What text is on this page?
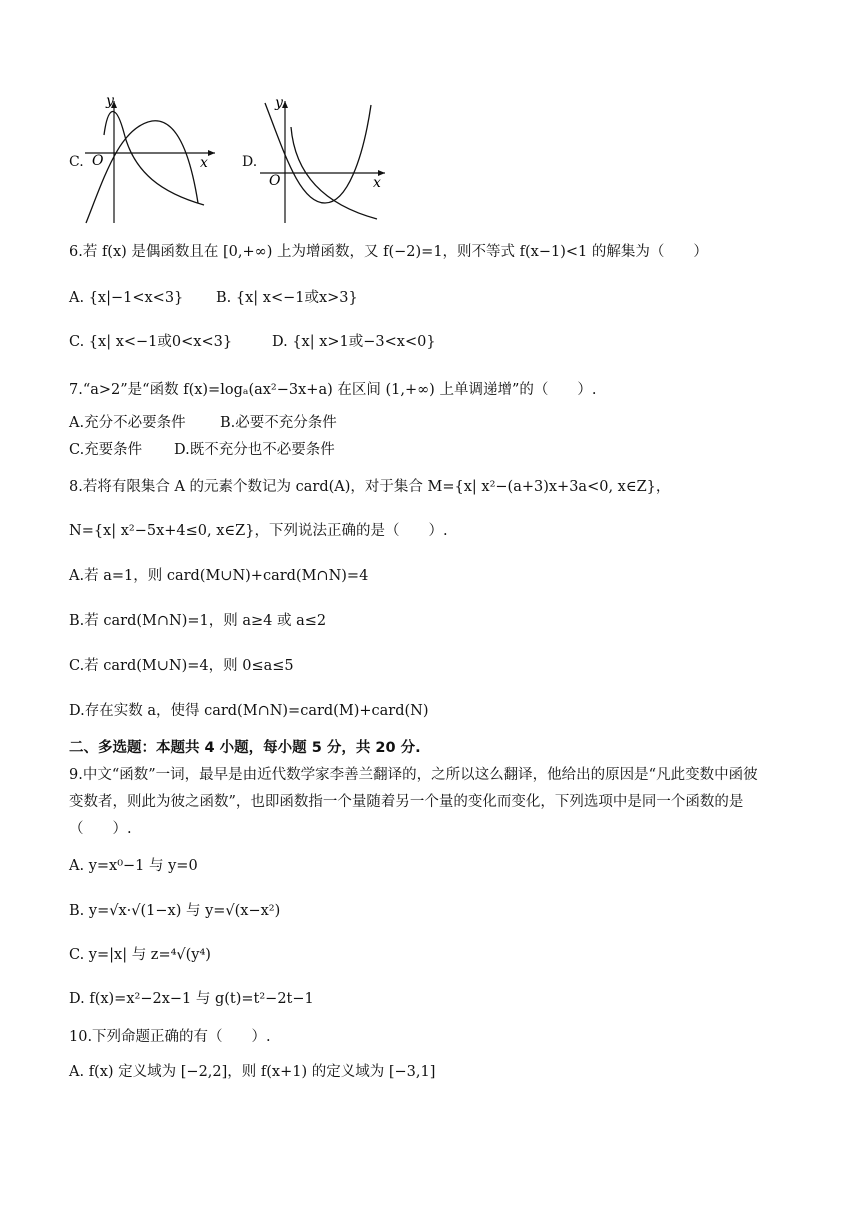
C.
y
x
O	D.
y
x
O
6.若 f(x) 是偶函数且在 [0,+∞) 上为增函数，又 f(−2)=1，则不等式 f(x−1)<1 的解集为（　　）
A. {x|−1<x<3} B. {x| x<−1或x>3}
C. {x| x<−1或0<x<3}	D. {x| x>1或−3<x<0}
7.“a>2”是“函数 f(x)=logₐ(ax²−3x+a) 在区间 (1,+∞) 上单调递增”的（　　）.
A.充分不必要条件 B.必要不充分条件
C.充要条件 D.既不充分也不必要条件
8.若将有限集合 A 的元素个数记为 card(A)，对于集合 M={x| x²−(a+3)x+3a<0, x∈Z}，
N={x| x²−5x+4≤0, x∈Z}，下列说法正确的是（　　）.
A.若 a=1，则 card(M∪N)+card(M∩N)=4
B.若 card(M∩N)=1，则 a≥4 或 a≤2
C.若 card(M∪N)=4，则 0≤a≤5
D.存在实数 a，使得 card(M∩N)=card(M)+card(N)
二、多选题：本题共 4 小题，每小题 5 分，共 20 分.
9.中文“函数”一词，最早是由近代数学家李善兰翻译的，之所以这么翻译，他给出的原因是“凡此变数中函彼
变数者，则此为彼之函数”，也即函数指一个量随着另一个量的变化而变化，下列选项中是同一个函数的是
（　　）.
A. y=x⁰−1 与 y=0
B. y=√x·√(1−x) 与 y=√(x−x²)
C. y=|x| 与 z=⁴√(y⁴)
D. f(x)=x²−2x−1 与 g(t)=t²−2t−1
10.下列命题正确的有（　　）.
A. f(x) 定义域为 [−2,2]，则 f(x+1) 的定义域为 [−3,1]
